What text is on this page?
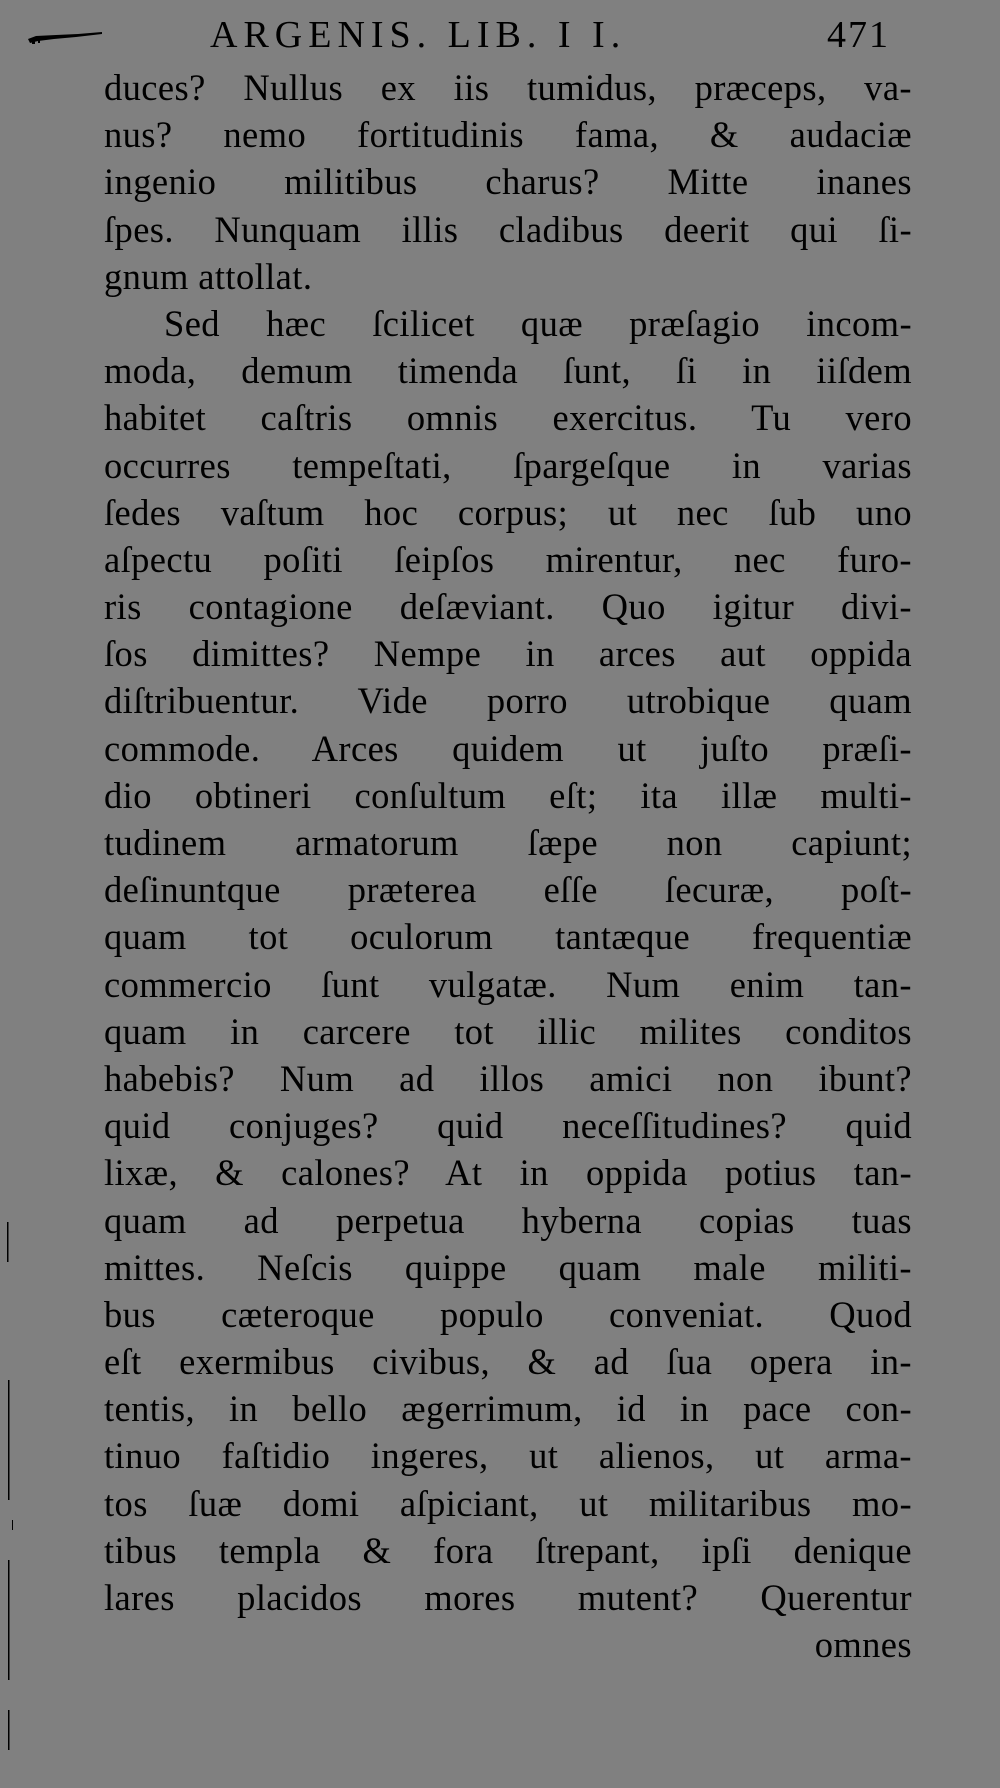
ARGENIS. LIB. I I.	471
duces? Nullus ex iis tumidus, præceps, va-
nus? nemo fortitudinis fama, & audaciæ
ingenio militibus charus? Mitte inanes
ſpes. Nunquam illis cladibus deerit qui ſi-
gnum attollat.
Sed hæc ſcilicet quæ præſagio incom-
moda, demum timenda ſunt, ſi in iiſdem
habitet caſtris omnis exercitus. Tu vero
occurres tempeſtati, ſpargeſque in varias
ſedes vaſtum hoc corpus; ut nec ſub uno
aſpectu poſiti ſeipſos mirentur, nec furo-
ris contagione deſæviant. Quo igitur divi-
ſos dimittes? Nempe in arces aut oppida
diſtribuentur. Vide porro utrobique quam
commode. Arces quidem ut juſto præſi-
dio obtineri conſultum eſt; ita illæ multi-
tudinem armatorum ſæpe non capiunt;
deſinuntque præterea eſſe ſecuræ, poſt-
quam tot oculorum tantæque frequentiæ
commercio ſunt vulgatæ. Num enim tan-
quam in carcere tot illic milites conditos
habebis? Num ad illos amici non ibunt?
quid conjuges? quid neceſſitudines? quid
lixæ, & calones? At in oppida potius tan-
quam ad perpetua hyberna copias tuas
mittes. Neſcis quippe quam male militi-
bus cæteroque populo conveniat. Quod
eſt exermibus civibus, & ad ſua opera in-
tentis, in bello ægerrimum, id in pace con-
tinuo faſtidio ingeres, ut alienos, ut arma-
tos ſuæ domi aſpiciant, ut militaribus mo-
tibus templa & fora ſtrepant, ipſi denique
lares placidos mores mutent? Querentur
omnes
